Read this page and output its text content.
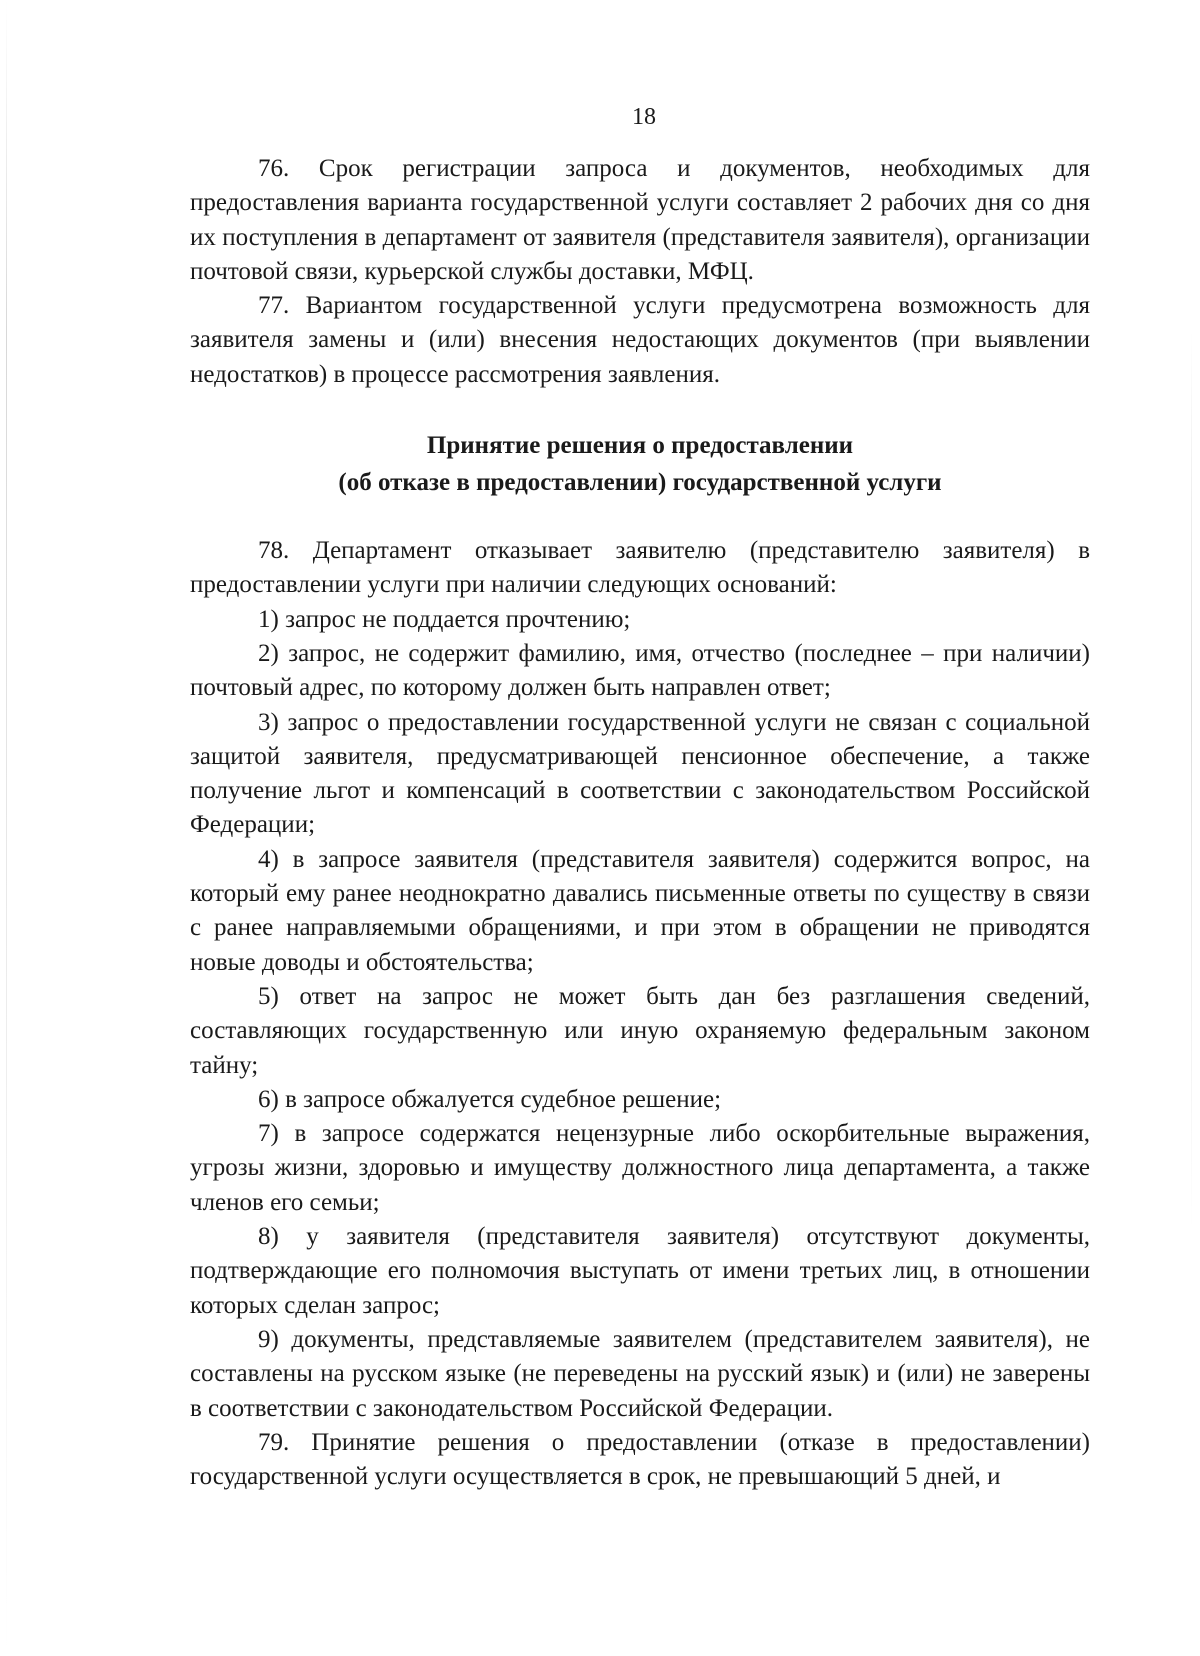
18

76. Срок регистрации запроса и документов, необходимых для предоставления варианта государственной услуги составляет 2 рабочих дня со дня их поступления в департамент от заявителя (представителя заявителя), организации почтовой связи, курьерской службы доставки, МФЦ.

77. Вариантом государственной услуги предусмотрена возможность для заявителя замены и (или) внесения недостающих документов (при выявлении недостатков) в процессе рассмотрения заявления.

Принятие решения о предоставлении
(об отказе в предоставлении) государственной услуги

78. Департамент отказывает заявителю (представителю заявителя) в предоставлении услуги при наличии следующих оснований:

1) запрос не поддается прочтению;

2) запрос, не содержит фамилию, имя, отчество (последнее – при наличии) почтовый адрес, по которому должен быть направлен ответ;

3) запрос о предоставлении государственной услуги не связан с социальной защитой заявителя, предусматривающей пенсионное обеспечение, а также получение льгот и компенсаций в соответствии с законодательством Российской Федерации;

4) в запросе заявителя (представителя заявителя) содержится вопрос, на который ему ранее неоднократно давались письменные ответы по существу в связи с ранее направляемыми обращениями, и при этом в обращении не приводятся новые доводы и обстоятельства;

5) ответ на запрос не может быть дан без разглашения сведений, составляющих государственную или иную охраняемую федеральным законом тайну;

6) в запросе обжалуется судебное решение;

7) в запросе содержатся нецензурные либо оскорбительные выражения, угрозы жизни, здоровью и имуществу должностного лица департамента, а также членов его семьи;

8) у заявителя (представителя заявителя) отсутствуют документы, подтверждающие его полномочия выступать от имени третьих лиц, в отношении которых сделан запрос;

9) документы, представляемые заявителем (представителем заявителя), не составлены на русском языке (не переведены на русский язык) и (или) не заверены в соответствии с законодательством Российской Федерации.

79. Принятие решения о предоставлении (отказе в предоставлении) государственной услуги осуществляется в срок, не превышающий 5 дней, и
